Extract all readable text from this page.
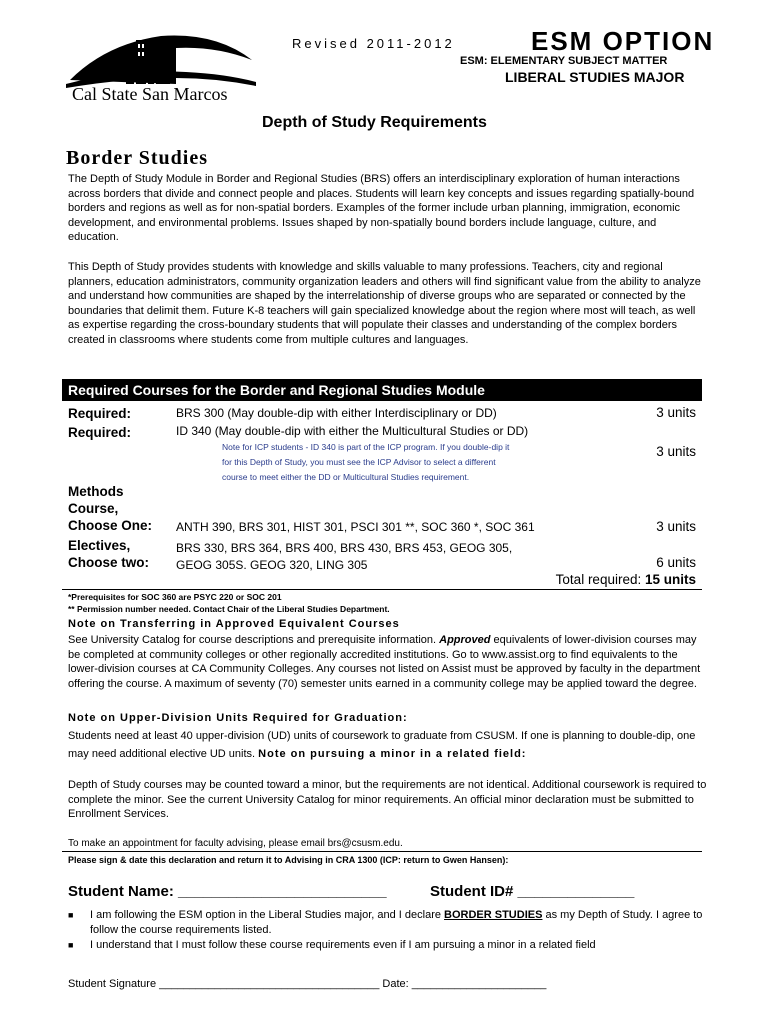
Cal State San Marcos
Revised 2011-2012	ESM OPTION
ESM: ELEMENTARY SUBJECT MATTER
LIBERAL STUDIES MAJOR
Depth of Study Requirements
Border Studies
The Depth of Study Module in Border and Regional Studies (BRS) offers an interdisciplinary exploration of human interactions across borders that divide and connect people and places. Students will learn key concepts and issues regarding spatially-bound borders and regions as well as for non-spatial borders. Examples of the former include urban planning, immigration, economic development, and environmental problems. Issues shaped by non-spatially bound borders include language, culture, and education.
This Depth of Study provides students with knowledge and skills valuable to many professions. Teachers, city and regional planners, education administrators, community organization leaders and others will find significant value from the ability to analyze and understand how communities are shaped by the interrelationship of diverse groups who are separated or connected by the boundaries that delimit them. Future K-8 teachers will gain specialized knowledge about the region where most will teach, as well as expertise regarding the cross-boundary students that will populate their classes and understanding of the complex borders created in classrooms where students come from multiple cultures and languages.
Required Courses for the Border and Regional Studies Module
Required:	BRS 300 (May double-dip with either Interdisciplinary or DD)	3 units
Required:	ID 340 (May double-dip with either the Multicultural Studies or DD)
Note for ICP students - ID 340 is part of the ICP program. If you double-dip it
for this Depth of Study, you must see the ICP Advisor to select a different
course to meet either the DD or Multicultural Studies requirement.
3 units
Methods
Course,
Choose One: ANTH 390, BRS 301, HIST 301, PSCI 301 **, SOC 360 *, SOC 361	3 units
Electives,
Choose two:
BRS 330, BRS 364, BRS 400, BRS 430, BRS 453, GEOG 305,
GEOG 305S. GEOG 320, LING 305	6 units
Total required: 15 units
*Prerequisites for SOC 360 are PSYC 220 or SOC 201
** Permission number needed. Contact Chair of the Liberal Studies Department.
Note on Transferring in Approved Equivalent Courses
See University Catalog for course descriptions and prerequisite information. Approved equivalents of lower-division courses may be completed at community colleges or other regionally accredited institutions. Go to www.assist.org to find equivalents to the lower-division courses at CA Community Colleges. Any courses not listed on Assist must be approved by faculty in the department offering the course. A maximum of seventy (70) semester units earned in a community college may be applied toward the degree.
Note on Upper-Division Units Required for Graduation:
Students need at least 40 upper-division (UD) units of coursework to graduate from CSUSM. If one is planning to double-dip, one may need additional elective UD units. Note on pursuing a minor in a related field:
Depth of Study courses may be counted toward a minor, but the requirements are not identical. Additional coursework is required to complete the minor. See the current University Catalog for minor requirements. An official minor declaration must be submitted to Enrollment Services.
To make an appointment for faculty advising, please email brs@csusm.edu.
Please sign & date this declaration and return it to Advising in CRA 1300 (ICP: return to Gwen Hansen):
Student Name: _________________________	Student ID# ______________
■ I am following the ESM option in the Liberal Studies major, and I declare BORDER STUDIES as my Depth of Study. I agree to follow the course requirements listed.
■ I understand that I must follow these course requirements even if I am pursuing a minor in a related field
Student Signature ____________________________________ Date: ______________________
